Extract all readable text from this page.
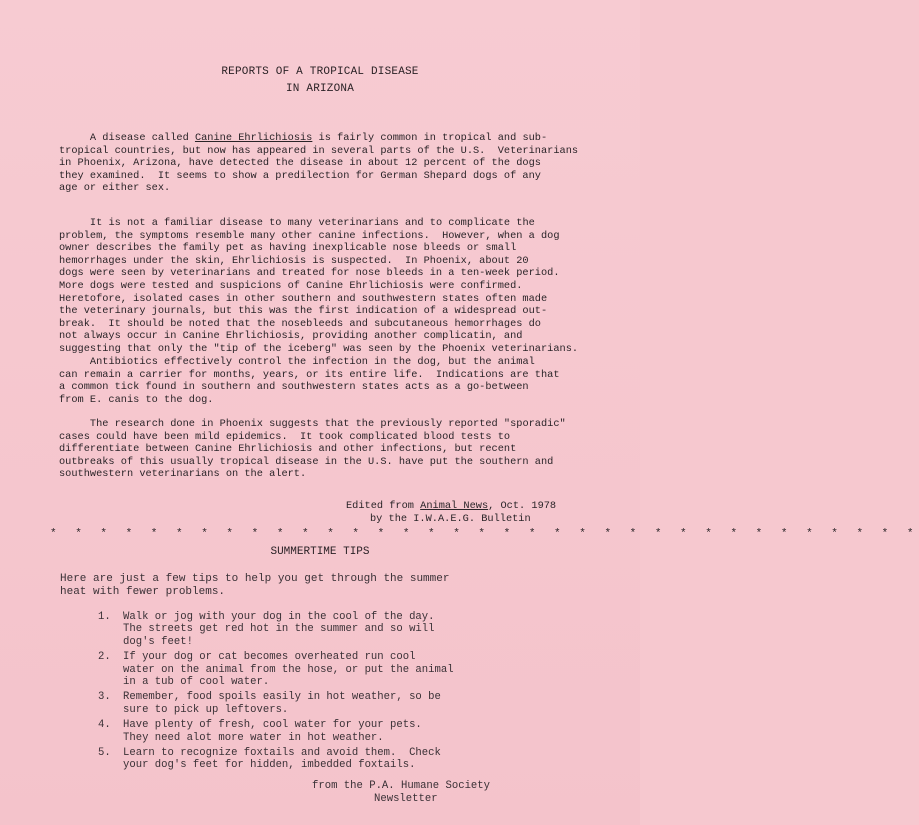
REPORTS OF A TROPICAL DISEASE
IN ARIZONA
A disease called Canine Ehrlichiosis is fairly common in tropical and sub-
tropical countries, but now has appeared in several parts of the U.S.  Veterinarians
in Phoenix, Arizona, have detected the disease in about 12 percent of the dogs
they examined.  It seems to show a predilection for German Shepard dogs of any
age or either sex.
It is not a familiar disease to many veterinarians and to complicate the
problem, the symptoms resemble many other canine infections.  However, when a dog
owner describes the family pet as having inexplicable nose bleeds or small
hemorrhages under the skin, Ehrlichiosis is suspected.  In Phoenix, about 20
dogs were seen by veterinarians and treated for nose bleeds in a ten-week period.
More dogs were tested and suspicions of Canine Ehrlichiosis were confirmed.
Heretofore, isolated cases in other southern and southwestern states often made
the veterinary journals, but this was the first indication of a widespread out-
break.  It should be noted that the nosebleeds and subcutaneous hemorrhages do
not always occur in Canine Ehrlichiosis, providing another complicatin, and
suggesting that only the "tip of the iceberg" was seen by the Phoenix veterinarians.
Antibiotics effectively control the infection in the dog, but the animal
can remain a carrier for months, years, or its entire life.  Indications are that
a common tick found in southern and southwestern states acts as a go-between
from E. canis to the dog.
The research done in Phoenix suggests that the previously reported "sporadic"
cases could have been mild epidemics.  It took complicated blood tests to
differentiate between Canine Ehrlichiosis and other infections, but recent
outbreaks of this usually tropical disease in the U.S. have put the southern and
southwestern veterinarians on the alert.
Edited from Animal News, Oct. 1978
by the I.W.A.E.G. Bulletin
* * * * * * * * * * * * * * * * * * * * * * * * * * * * * * * * * * *
SUMMERTIME TIPS
Here are just a few tips to help you get through the summer
heat with fewer problems.
1. Walk or jog with your dog in the cool of the day.
The streets get red hot in the summer and so will
dog's feet!
2. If your dog or cat becomes overheated run cool
water on the animal from the hose, or put the animal
in a tub of cool water.
3. Remember, food spoils easily in hot weather, so be
sure to pick up leftovers.
4. Have plenty of fresh, cool water for your pets.
They need alot more water in hot weather.
5. Learn to recognize foxtails and avoid them.  Check
your dog's feet for hidden, imbedded foxtails.
from the P.A. Humane Society
Newsletter
